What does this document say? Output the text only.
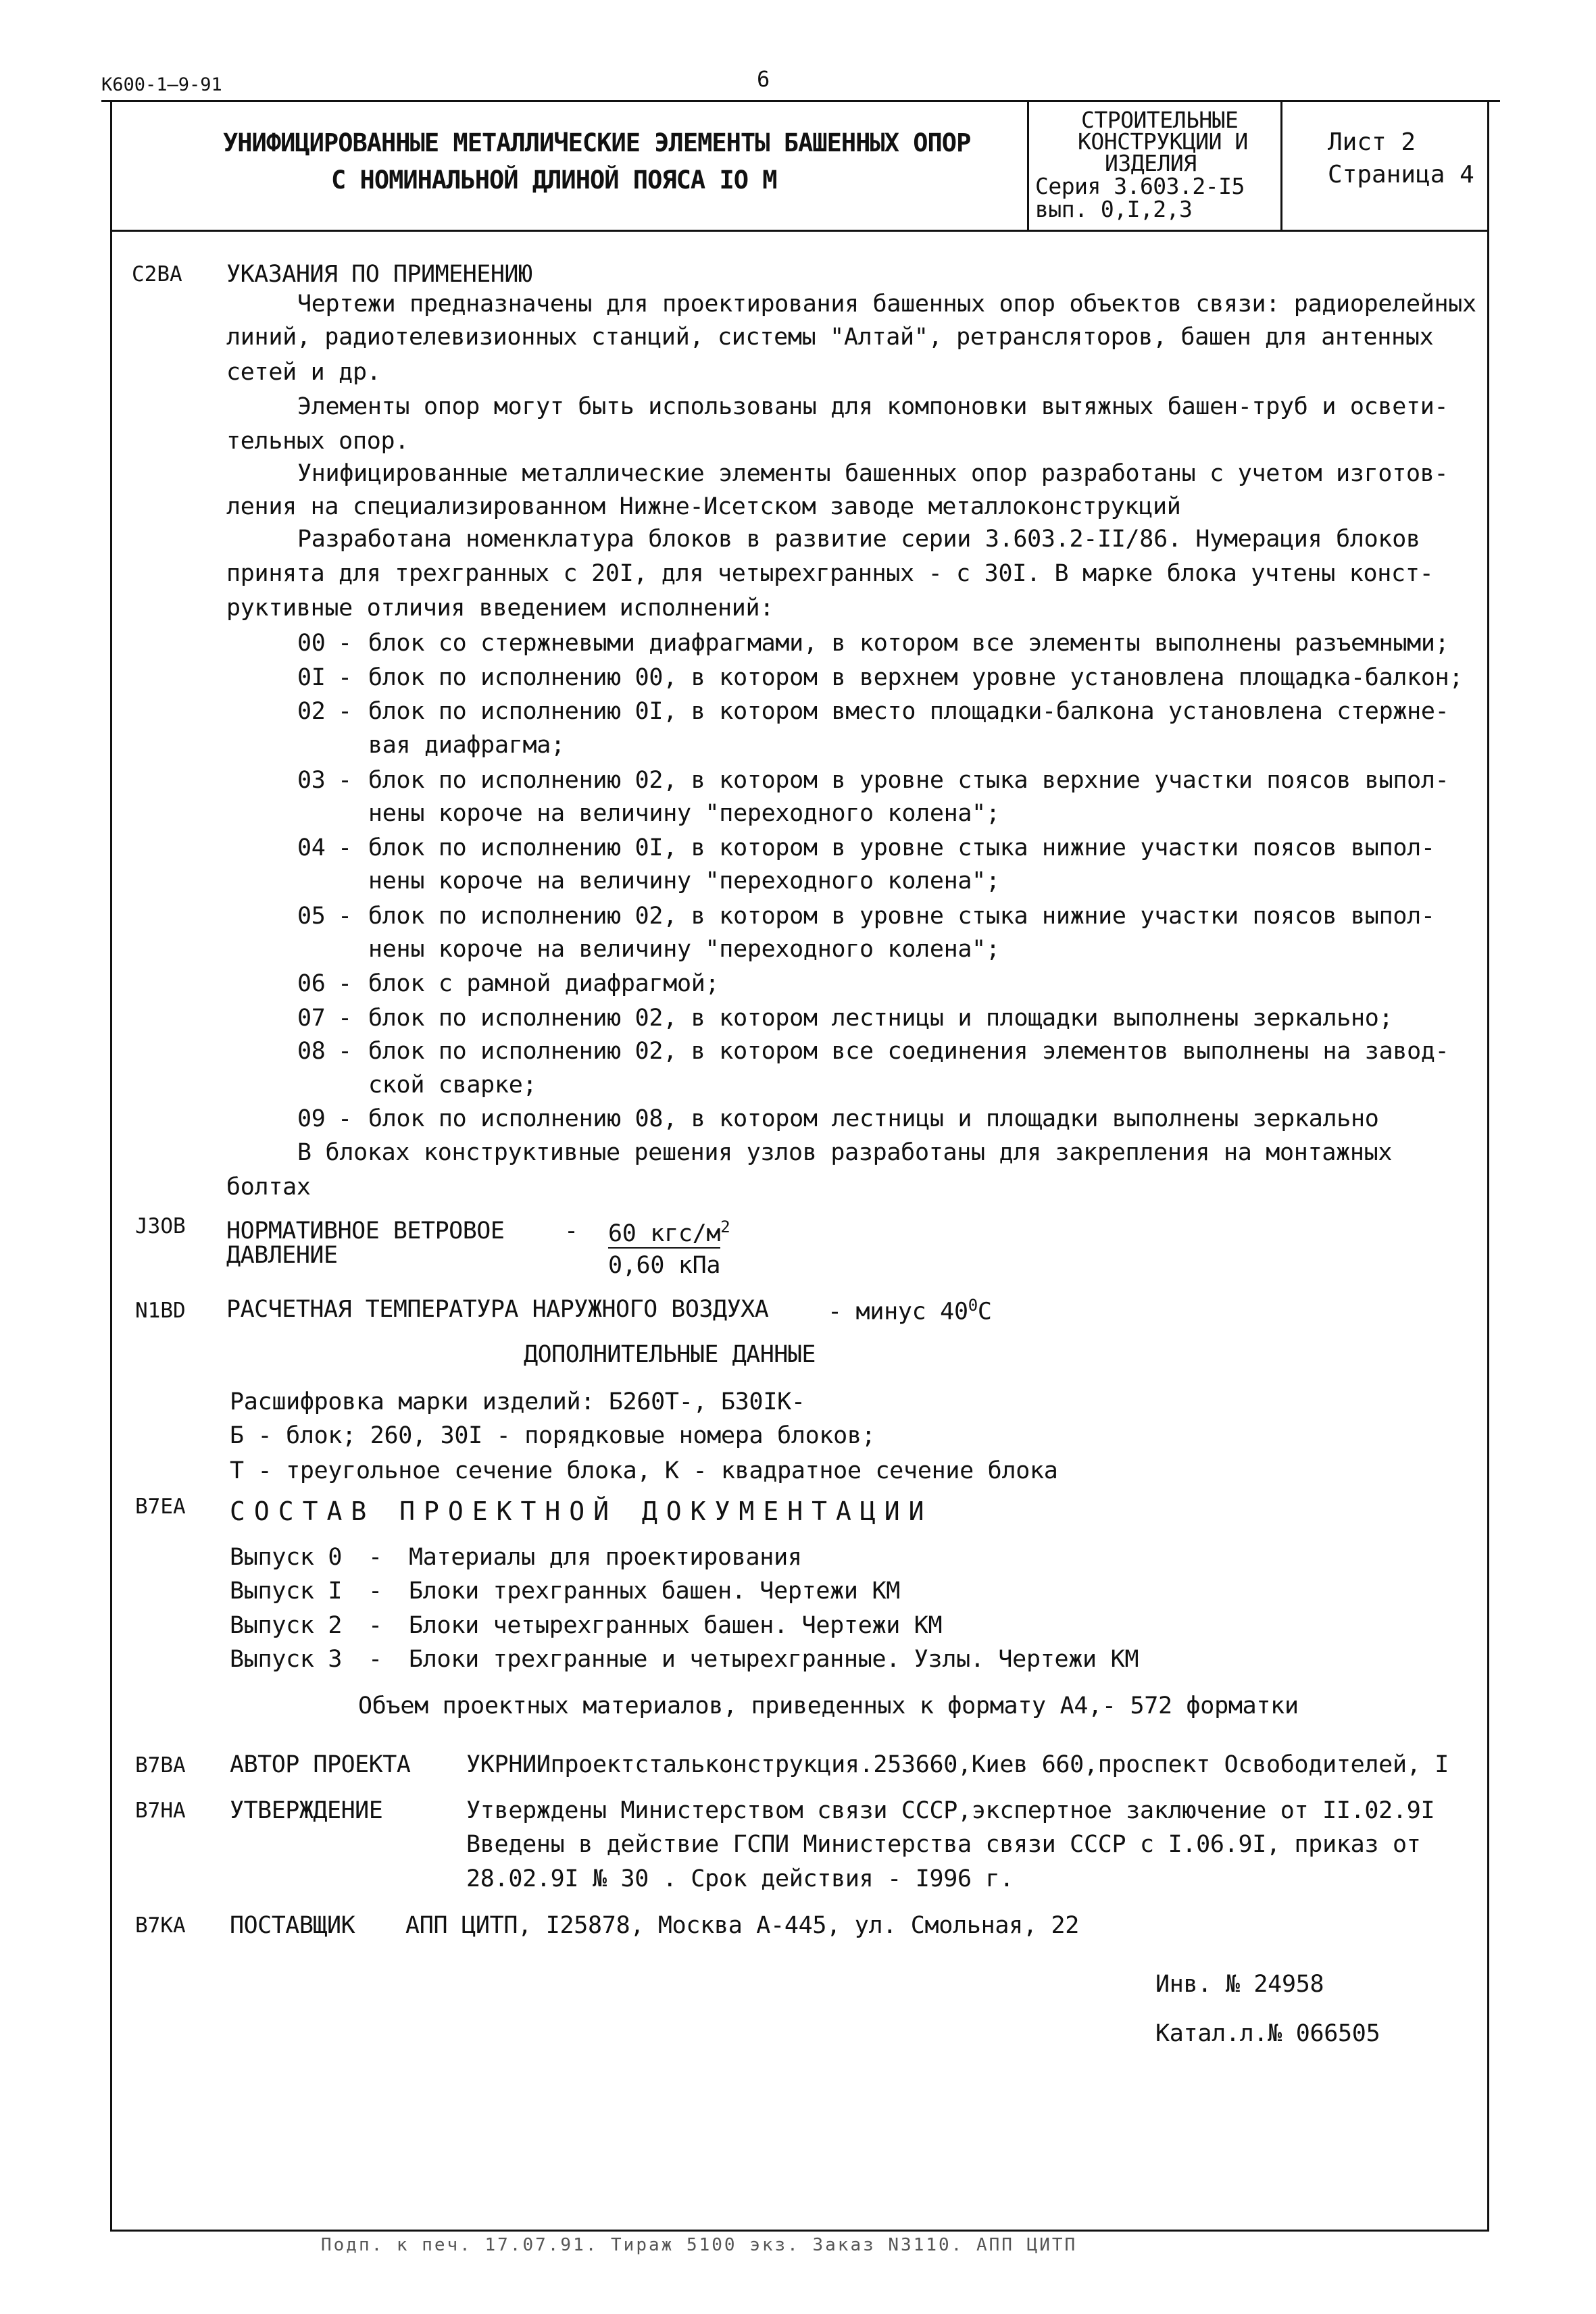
К600-1—9-91	6
УНИФИЦИРОВАННЫЕ МЕТАЛЛИЧЕСКИЕ ЭЛЕМЕНТЫ БАШЕННЫХ ОПОР
С НОМИНАЛЬНОЙ ДЛИНОЙ ПОЯСА IO М
СТРОИТЕЛЬНЫЕ
КОНСТРУКЦИИ И
ИЗДЕЛИЯ
Серия 3.603.2-I5
вып. 0,I,2,3
Лист 2
Страница 4
С2ВА УКАЗАНИЯ ПО ПРИМЕНЕНИЮ
Чертежи предназначены для проектирования башенных опор объектов связи: радиорелейных
линий, радиотелевизионных станций, системы "Алтай", ретрансляторов, башен для антенных
сетей и др.
Элементы опор могут быть использованы для компоновки вытяжных башен-труб и освети-
тельных опор.
Унифицированные металлические элементы башенных опор разработаны с учетом изготов-
ления на специализированном Нижне-Исетском заводе металлоконструкций
Разработана номенклатура блоков в развитие серии 3.603.2-II/86. Нумерация блоков
принята для трехгранных с 20I, для четырехгранных - с 30I. В марке блока учтены конст-
руктивные отличия введением исполнений:
00 - блок со стержневыми диафрагмами, в котором все элементы выполнены разъемными;
0I - блок по исполнению 00, в котором в верхнем уровне установлена площадка-балкон;
02 - блок по исполнению 0I, в котором вместо площадки-балкона установлена стержне-
вая диафрагма;
03 - блок по исполнению 02, в котором в уровне стыка верхние участки поясов выпол-
нены короче на величину "переходного колена";
04 - блок по исполнению 0I, в котором в уровне стыка нижние участки поясов выпол-
нены короче на величину "переходного колена";
05 - блок по исполнению 02, в котором в уровне стыка нижние участки поясов выпол-
нены короче на величину "переходного колена";
06 - блок с рамной диафрагмой;
07 - блок по исполнению 02, в котором лестницы и площадки выполнены зеркально;
08 - блок по исполнению 02, в котором все соединения элементов выполнены на завод-
ской сварке;
09 - блок по исполнению 08, в котором лестницы и площадки выполнены зеркально
В блоках конструктивные решения узлов разработаны для закрепления на монтажных
болтах
J3OB НОРМАТИВНОЕ ВЕТРОВОЕ
ДАВЛЕНИЕ
- 60 кгс/$м^2$
0,60 кПа
N1BD РАСЧЕТНАЯ ТЕМПЕРАТУРА НАРУЖНОГО ВОЗДУХА	- минус $40^0С$
ДОПОЛНИТЕЛЬНЫЕ ДАННЫЕ
Расшифровка марки изделий: Б260Т-, Б30IК-
Б - блок; 260, 30I - порядковые номера блоков;
Т - треугольное сечение блока, К - квадратное сечение блока
В7ЕА СОСТАВ ПРОЕКТНОЙ ДОКУМЕНТАЦИИ
Выпуск 0 - Материалы для проектирования
Выпуск I - Блоки трехгранных башен. Чертежи КМ
Выпуск 2 - Блоки четырехгранных башен. Чертежи КМ
Выпуск 3 - Блоки трехгранные и четырехгранные. Узлы. Чертежи КМ
Объем проектных материалов, приведенных к формату А4,- 572 форматки
В7ВА АВТОР ПРОЕКТА УКРНИИпроектстальконструкция.253660,Киев 660,проспект Освободителей, I
В7НА УТВЕРЖДЕНИЕ	Утверждены Министерством связи СССР,экспертное заключение от II.02.9I
Введены в действие ГСПИ Министерства связи СССР с I.06.9I, приказ от
28.02.9I № 30 . Срок действия - I996 г.
В7КА ПОСТАВЩИК АПП ЦИТП, I25878, Москва А-445, ул. Смольная, 22
Инв. № 24958
Катал.л.№ 066505
Подп. к печ. 17.07.91. Тираж 5100 экз. Заказ N3110. АПП ЦИТП
